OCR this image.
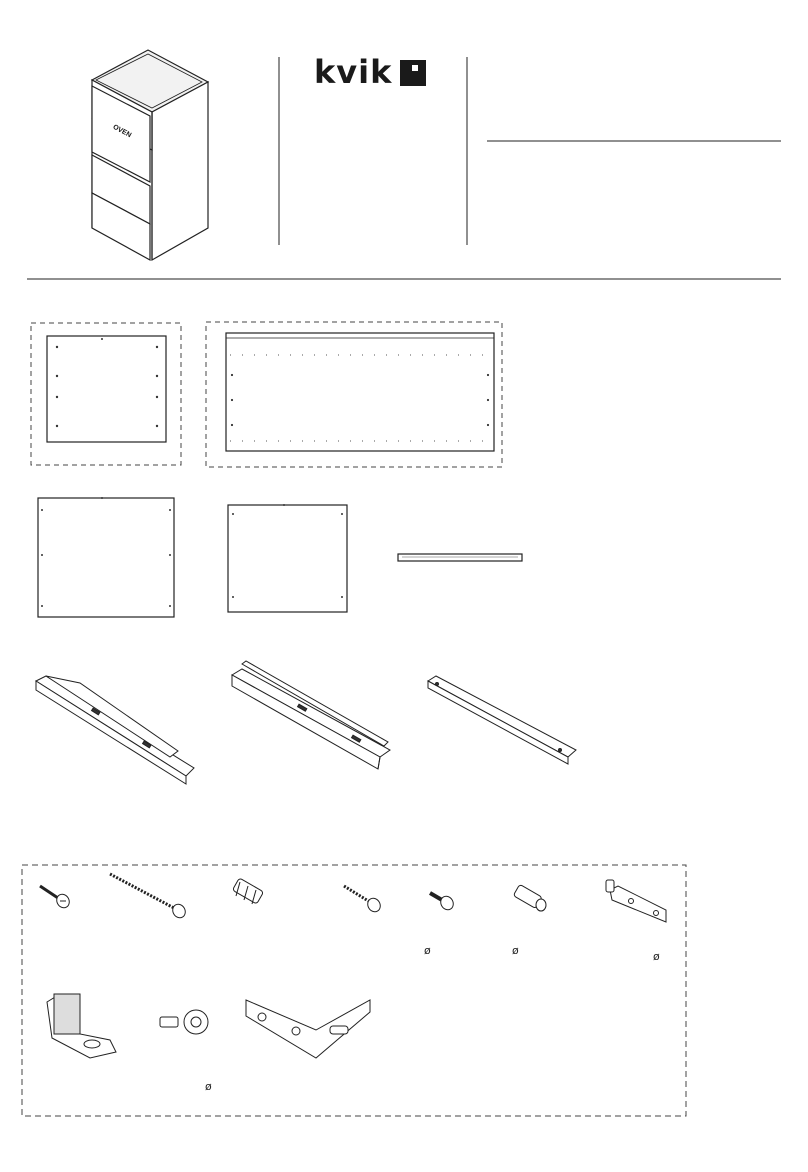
kvik
OVEN
ø	ø	ø
ø
